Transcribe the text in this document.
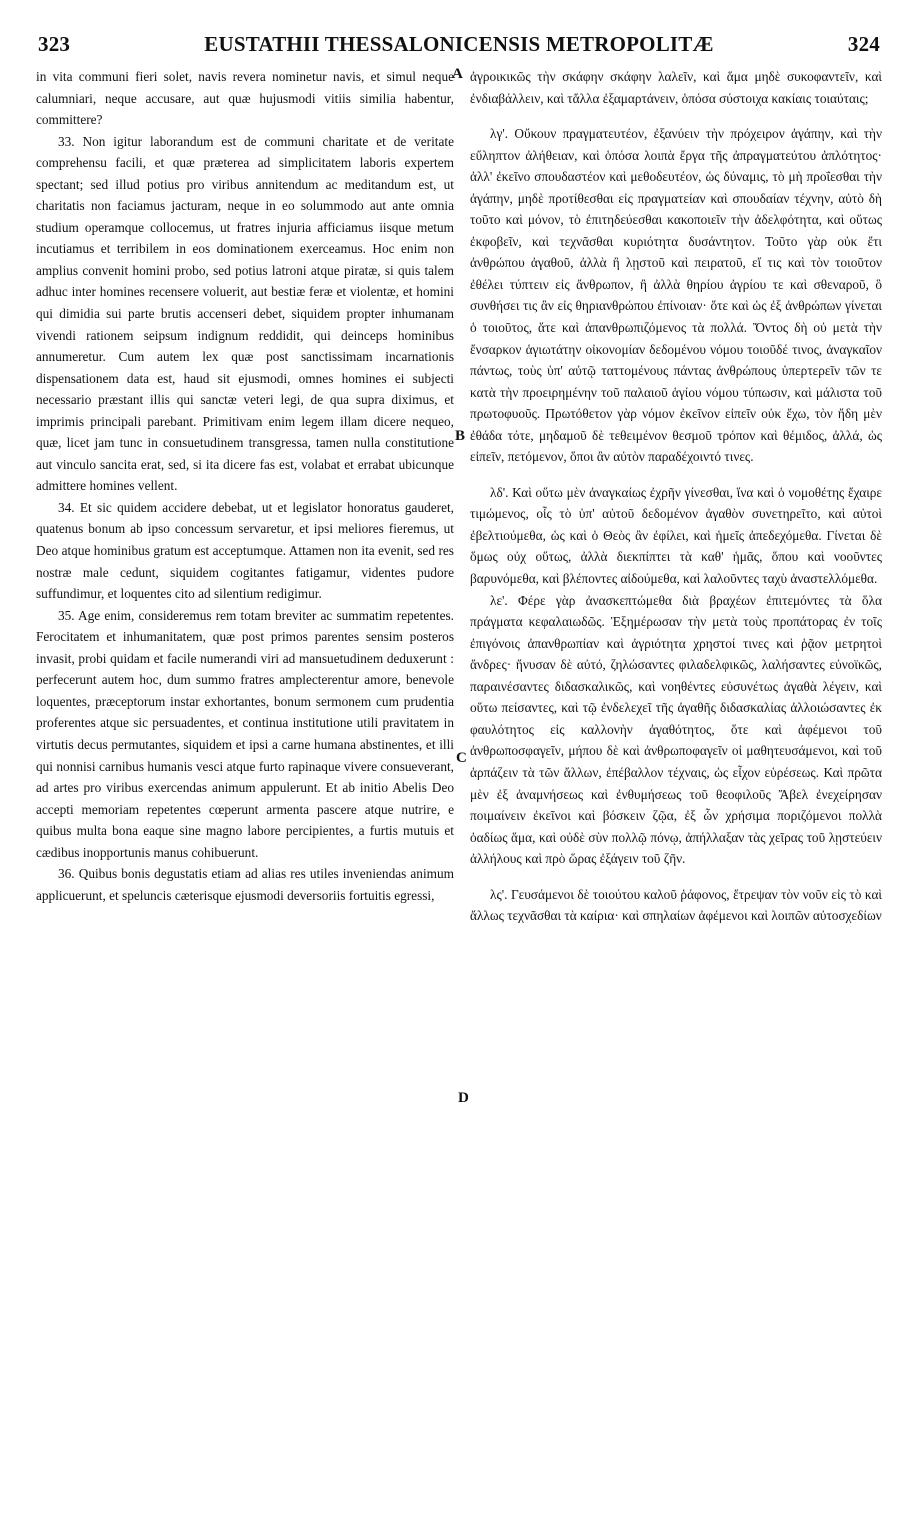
323	EUSTATHII THESSALONICENSIS METROPOLITÆ	324

in vita communi fieri solet, navis revera nominetur navis, et simul neque calumniari, neque accusare, aut quæ hujusmodi vitiis similia habentur, committere?

33. Non igitur laborandum est de communi charitate et de veritate comprehensu facili, et quæ præterea ad simplicitatem laboris expertem spectant; sed illud potius pro viribus annitendum ac meditandum est, ut charitatis non faciamus jacturam, neque in eo solummodo aut ante omnia studium operamque collocemus, ut fratres injuria afficiamus iisque metum incutiamus et terribilem in eos dominationem exerceamus. Hoc enim non amplius convenit homini probo, sed potius latroni atque piratæ, si quis talem adhuc inter homines recensere voluerit, aut bestiæ feræ et violentæ, et homini qui dimidia sui parte brutis accenseri debet, siquidem propter inhumanam vivendi rationem seipsum indignum reddidit, qui deinceps hominibus annumeretur. Cum autem lex quæ post sanctissimam incarnationis dispensationem data est, haud sit ejusmodi, omnes homines ei subjecti necessario præstant illis qui sanctæ veteri legi, de qua supra diximus, et imprimis principali parebant. Primitivam enim legem illam dicere nequeo, quæ, licet jam tunc in consuetudinem transgressa, tamen nulla constitutione aut vinculo sancita erat, sed, si ita dicere fas est, volabat et errabat ubicunque admittere homines vellent.

34. Et sic quidem accidere debebat, ut et legislator honoratus gauderet, quatenus bonum ab ipso concessum servaretur, et ipsi meliores fieremus, ut Deo atque hominibus gratum est acceptumque. Attamen non ita evenit, sed res nostræ male cedunt, siquidem cogitantes fatigamur, videntes pudore suffundimur, et loquentes cito ad silentium redigimur.

35. Age enim, consideremus rem totam breviter ac summatim repetentes. Ferocitatem et inhumanitatem, quæ post primos parentes sensim posteros invasit, probi quidam et facile numerandi viri ad mansuetudinem deduxerunt : perfecerunt autem hoc, dum summo fratres amplecterentur amore, benevole loquentes, præceptorum instar exhortantes, bonum sermonem cum prudentia proferentes atque sic persuadentes, et continua institutione utili pravitatem in virtutis decus permutantes, siquidem et ipsi a carne humana abstinentes, et illi qui nonnisi carnibus humanis vesci atque furto rapinaque vivere consueverant, ad artes pro viribus exercendas animum appulerunt. Et ab initio Abelis Deo accepti memoriam repetentes cœperunt armenta pascere atque nutrire, e quibus multa bona eaque sine magno labore percipientes, a furtis mutuis et cædibus inopportunis manus cohibuerunt.

36. Quibus bonis degustatis etiam ad alias res utiles inveniendas animum applicuerunt, et speluncis cæterisque ejusmodi deversoriis fortuitis egressi,

A
B
C
D

ἀγροικικῶς τὴν σκάφην σκάφην λαλεῖν, καὶ ἅμα μηδὲ συκοφαντεῖν, καὶ ἐνδιαβάλλειν, καὶ τἄλλα ἐξαμαρτάνειν, ὁπόσα σύστοιχα κακίαις τοιαύταις;

λγ'. Οὔκουν πραγματευτέον, ἐξανύειν τὴν πρόχειρον ἀγάπην, καὶ τὴν εὔληπτον ἀλήθειαν, καὶ ὁπόσα λοιπὰ ἔργα τῆς ἀπραγματεύτου ἁπλότητος· ἀλλ' ἐκεῖνο σπουδαστέον καὶ μεθοδευτέον, ὡς δύναμις, τὸ μὴ προΐεσθαι τὴν ἀγάπην, μηδὲ προτίθεσθαι εἰς πραγματείαν καὶ σπουδαίαν τέχνην, αὐτὸ δὴ τοῦτο καὶ μόνον, τὸ ἐπιτηδεύεσθαι κακοποιεῖν τὴν ἀδελφότητα, καὶ οὕτως ἐκφοβεῖν, καὶ τεχνᾶσθαι κυριότητα δυσάντητον. Τοῦτο γὰρ οὐκ ἔτι ἀνθρώπου ἀγαθοῦ, ἀλλὰ ἢ λῃστοῦ καὶ πειρατοῦ, εἴ τις καὶ τὸν τοιοῦτον ἐθέλει τύπτειν εἰς ἄνθρωπον, ἢ ἀλλὰ θηρίου ἀγρίου τε καὶ σθεναροῦ, ὃ συνθήσει τις ἂν εἰς θηριανθρώπου ἐπίνοιαν· ὅτε καὶ ὡς ἐξ ἀνθρώπων γίνεται ὁ τοιοῦτος, ἅτε καὶ ἀπανθρωπιζόμενος τὰ πολλά. Ὄντος δὴ οὐ μετὰ τὴν ἔνσαρκον ἁγιωτάτην οἰκονομίαν δεδομένου νόμου τοιοῦδέ τινος, ἀναγκαῖον πάντως, τοὺς ὑπ' αὐτῷ ταττομένους πάντας ἀνθρώπους ὑπερτερεῖν τῶν τε κατὰ τὴν προειρημένην τοῦ παλαιοῦ ἁγίου νόμου τύπωσιν, καὶ μάλιστα τοῦ πρωτοφυοῦς. Πρωτόθετον γὰρ νόμον ἐκεῖνον εἰπεῖν οὐκ ἔχω, τὸν ἤδη μὲν ἐθάδα τότε, μηδαμοῦ δὲ τεθειμένον θεσμοῦ τρόπον καὶ θέμιδος, ἀλλά, ὡς εἰπεῖν, πετόμενον, ὅποι ἂν αὐτὸν παραδέχοιντό τινες.

λδ'. Καὶ οὕτω μὲν ἀναγκαίως ἐχρῆν γίνεσθαι, ἵνα καὶ ὁ νομοθέτης ἔχαιρε τιμώμενος, οἷς τὸ ὑπ' αὐτοῦ δεδομένον ἀγαθὸν συνετηρεῖτο, καὶ αὐτοὶ ἐβελτιούμεθα, ὡς καὶ ὁ Θεὸς ἂν ἐφίλει, καὶ ἡμεῖς ἀπεδεχόμεθα. Γίνεται δὲ ὅμως οὐχ οὕτως, ἀλλὰ διεκπίπτει τὰ καθ' ἡμᾶς, ὅπου καὶ νοοῦντες βαρυνόμεθα, καὶ βλέποντες αἰδούμεθα, καὶ λαλοῦντες ταχὺ ἀναστελλόμεθα.

λε'. Φέρε γὰρ ἀνασκεπτώμεθα διὰ βραχέων ἐπιτεμόντες τὰ ὅλα πράγματα κεφαλαιωδῶς. Ἐξημέρωσαν τὴν μετὰ τοὺς προπάτορας ἐν τοῖς ἐπιγόνοις ἀπανθρωπίαν καὶ ἀγριότητα χρηστοί τινες καὶ ῥᾷον μετρητοὶ ἄνδρες· ἤνυσαν δὲ αὐτό, ζηλώσαντες φιλαδελφικῶς, λαλήσαντες εὐνοϊκῶς, παραινέσαντες διδασκαλικῶς, καὶ νοηθέντες εὐσυνέτως ἀγαθὰ λέγειν, καὶ οὕτω πείσαντες, καὶ τῷ ἐνδελεχεῖ τῆς ἀγαθῆς διδασκαλίας ἀλλοιώσαντες ἐκ φαυλότητος εἰς καλλονὴν ἀγαθότητος, ὅτε καὶ ἀφέμενοι τοῦ ἀνθρωποσφαγεῖν, μήπου δὲ καὶ ἀνθρωποφαγεῖν οἱ μαθητευσάμενοι, καὶ τοῦ ἁρπάζειν τὰ τῶν ἄλλων, ἐπέβαλλον τέχναις, ὡς εἶχον εὑρέσεως. Καὶ πρῶτα μὲν ἐξ ἀναμνήσεως καὶ ἐνθυμήσεως τοῦ θεοφιλοῦς Ἄβελ ἐνεχείρησαν ποιμαίνειν ἐκεῖνοι καὶ βόσκειν ζῷα, ἐξ ὧν χρήσιμα ποριζόμενοι πολλὰ ὀαδίως ἅμα, καὶ οὐδὲ σὺν πολλῷ πόνῳ, ἀπήλλαξαν τὰς χεῖρας τοῦ λῃστεύειν ἀλλήλους καὶ πρὸ ὥρας ἐξάγειν τοῦ ζῆν.

λς'. Γευσάμενοι δὲ τοιούτου καλοῦ ῥάφονος, ἔτρεψαν τὸν νοῦν εἰς τὸ καὶ ἄλλως τεχνᾶσθαι τὰ καίρια· καὶ σπηλαίων ἀφέμενοι καὶ λοιπῶν αὐτοσχεδίων
